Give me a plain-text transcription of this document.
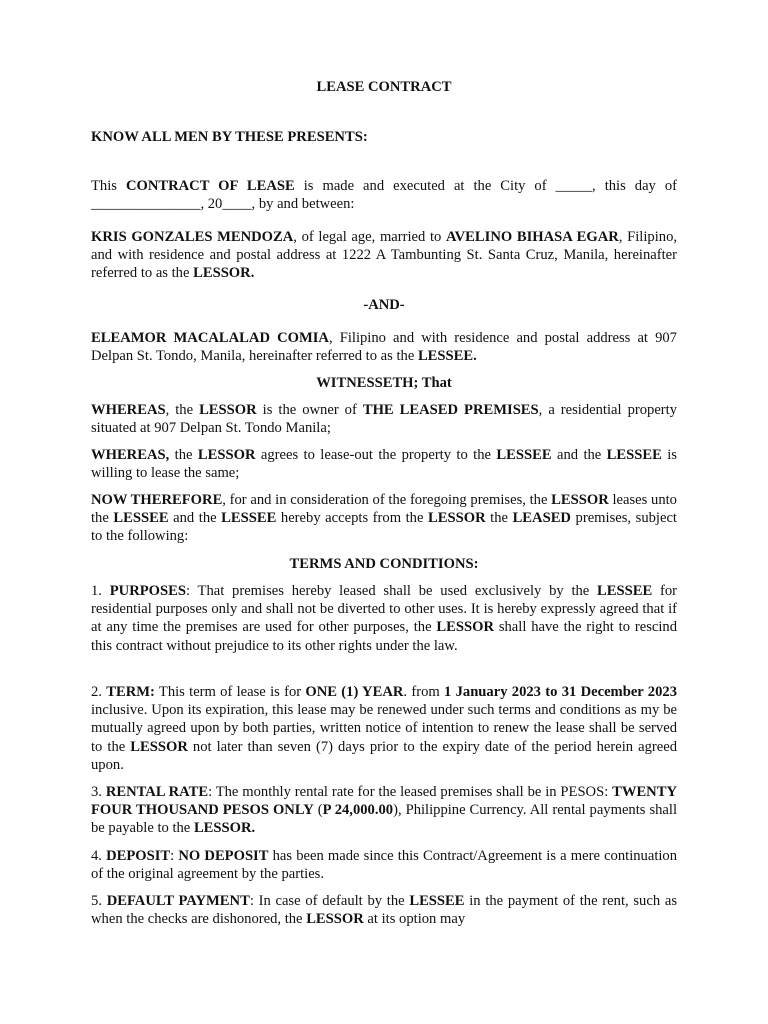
LEASE CONTRACT

KNOW ALL MEN BY THESE PRESENTS:

This CONTRACT OF LEASE is made and executed at the City of _____, this day of _______________, 20____, by and between:

KRIS GONZALES MENDOZA, of legal age, married to AVELINO BIHASA EGAR, Filipino, and with residence and postal address at 1222 A Tambunting St. Santa Cruz, Manila, hereinafter referred to as the LESSOR.

-AND-

ELEAMOR MACALALAD COMIA, Filipino and with residence and postal address at 907 Delpan St. Tondo, Manila, hereinafter referred to as the LESSEE.

WITNESSETH; That

WHEREAS, the LESSOR is the owner of THE LEASED PREMISES, a residential property situated at 907 Delpan St. Tondo Manila;

WHEREAS, the LESSOR agrees to lease-out the property to the LESSEE and the LESSEE is willing to lease the same;

NOW THEREFORE, for and in consideration of the foregoing premises, the LESSOR leases unto the LESSEE and the LESSEE hereby accepts from the LESSOR the LEASED premises, subject to the following:

TERMS AND CONDITIONS:

1. PURPOSES: That premises hereby leased shall be used exclusively by the LESSEE for residential purposes only and shall not be diverted to other uses. It is hereby expressly agreed that if at any time the premises are used for other purposes, the LESSOR shall have the right to rescind this contract without prejudice to its other rights under the law.

2. TERM: This term of lease is for ONE (1) YEAR. from 1 January 2023 to 31 December 2023 inclusive. Upon its expiration, this lease may be renewed under such terms and conditions as my be mutually agreed upon by both parties, written notice of intention to renew the lease shall be served to the LESSOR not later than seven (7) days prior to the expiry date of the period herein agreed upon.

3. RENTAL RATE: The monthly rental rate for the leased premises shall be in PESOS: TWENTY FOUR THOUSAND PESOS ONLY (P 24,000.00), Philippine Currency. All rental payments shall be payable to the LESSOR.

4. DEPOSIT: NO DEPOSIT has been made since this Contract/Agreement is a mere continuation of the original agreement by the parties.

5. DEFAULT PAYMENT: In case of default by the LESSEE in the payment of the rent, such as when the checks are dishonored, the LESSOR at its option may
